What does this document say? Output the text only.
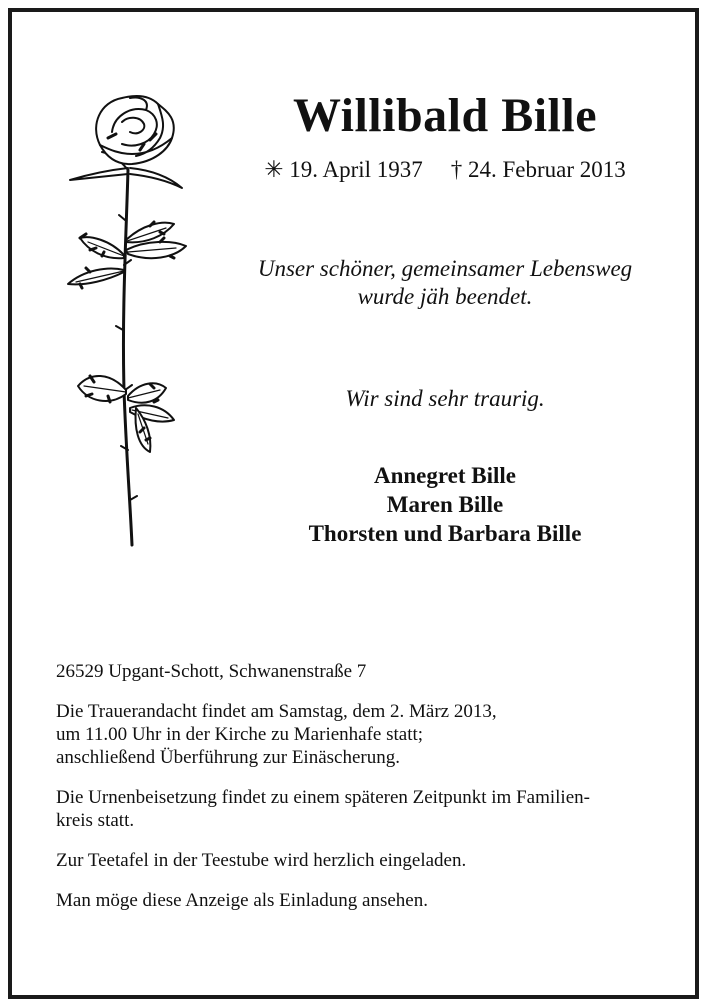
Willibald Bille
✳ 19. April 1937 † 24. Februar 2013
Unser schöner, gemeinsamer Lebensweg
wurde jäh beendet.
Wir sind sehr traurig.
Annegret Bille
Maren Bille
Thorsten und Barbara Bille

26529 Upgant-Schott, Schwanenstraße 7

Die Trauerandacht findet am Samstag, dem 2. März 2013,
um 11.00 Uhr in der Kirche zu Marienhafe statt;
anschließend Überführung zur Einäscherung.

Die Urnenbeisetzung findet zu einem späteren Zeitpunkt im Familien-
kreis statt.

Zur Teetafel in der Teestube wird herzlich eingeladen.

Man möge diese Anzeige als Einladung ansehen.
